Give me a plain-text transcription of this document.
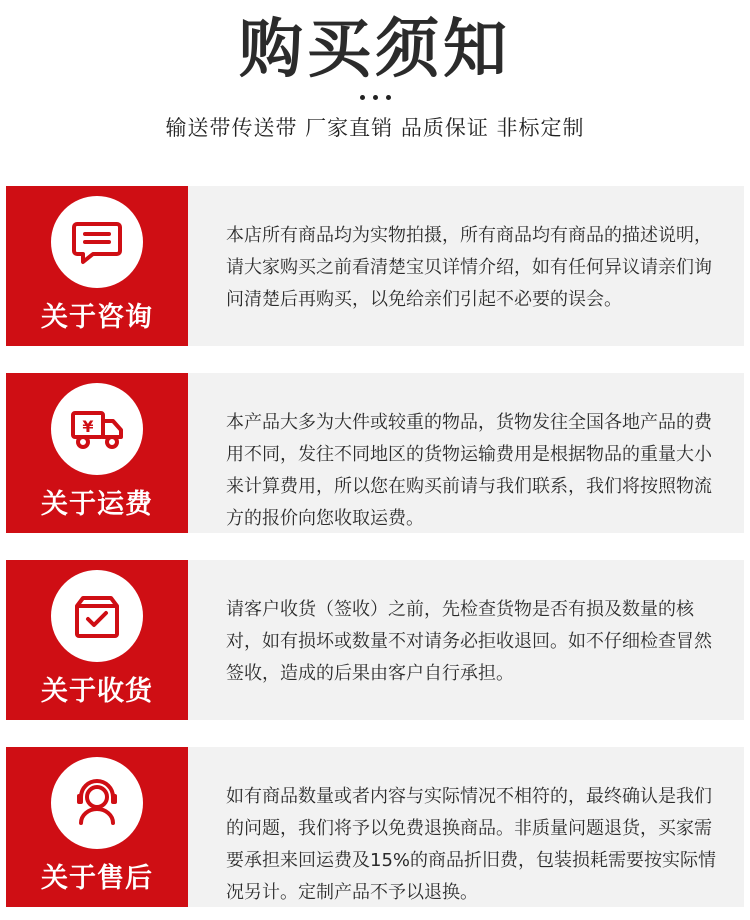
购买须知
输送带传送带 厂家直销 品质保证 非标定制
关于咨询
本店所有商品均为实物拍摄，所有商品均有商品的描述说明，请大家购买之前看清楚宝贝详情介绍，如有任何异议请亲们询问清楚后再购买，以免给亲们引起不必要的误会。
¥
关于运费
本产品大多为大件或较重的物品，货物发往全国各地产品的费用不同，发往不同地区的货物运输费用是根据物品的重量大小来计算费用，所以您在购买前请与我们联系，我们将按照物流方的报价向您收取运费。
关于收货
请客户收货（签收）之前，先检查货物是否有损及数量的核对，如有损坏或数量不对请务必拒收退回。如不仔细检查冒然签收，造成的后果由客户自行承担。
关于售后
如有商品数量或者内容与实际情况不相符的，最终确认是我们的问题，我们将予以免费退换商品。非质量问题退货，买家需要承担来回运费及15%的商品折旧费，包装损耗需要按实际情况另计。定制产品不予以退换。
